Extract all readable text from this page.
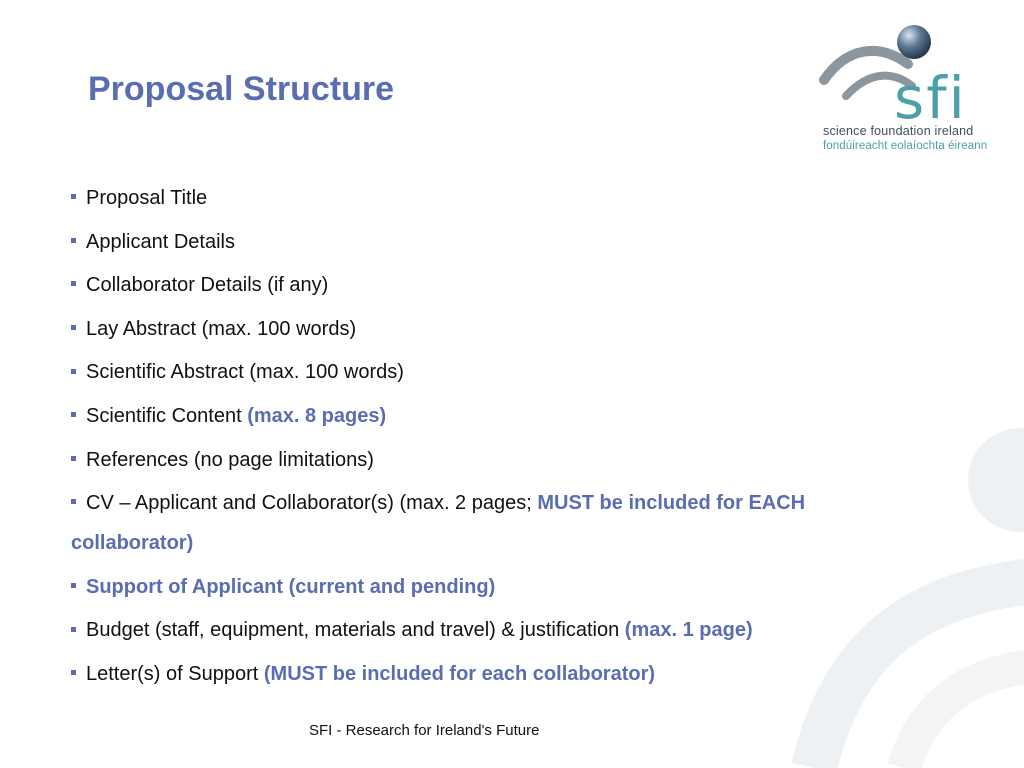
Proposal Structure	sfi
science foundation ireland
fondúireacht eolaíochta éireann
Proposal Title
Applicant Details
Collaborator Details (if any)
Lay Abstract (max. 100 words)
Scientific Abstract (max. 100 words)
Scientific Content (max. 8 pages)
References (no page limitations)
CV – Applicant and Collaborator(s) (max. 2 pages; MUST be included for EACH collaborator)
Support of Applicant (current and pending)
Budget (staff, equipment, materials and travel) & justification (max. 1 page)
Letter(s) of Support (MUST be included for each collaborator)
SFI - Research for Ireland's Future
